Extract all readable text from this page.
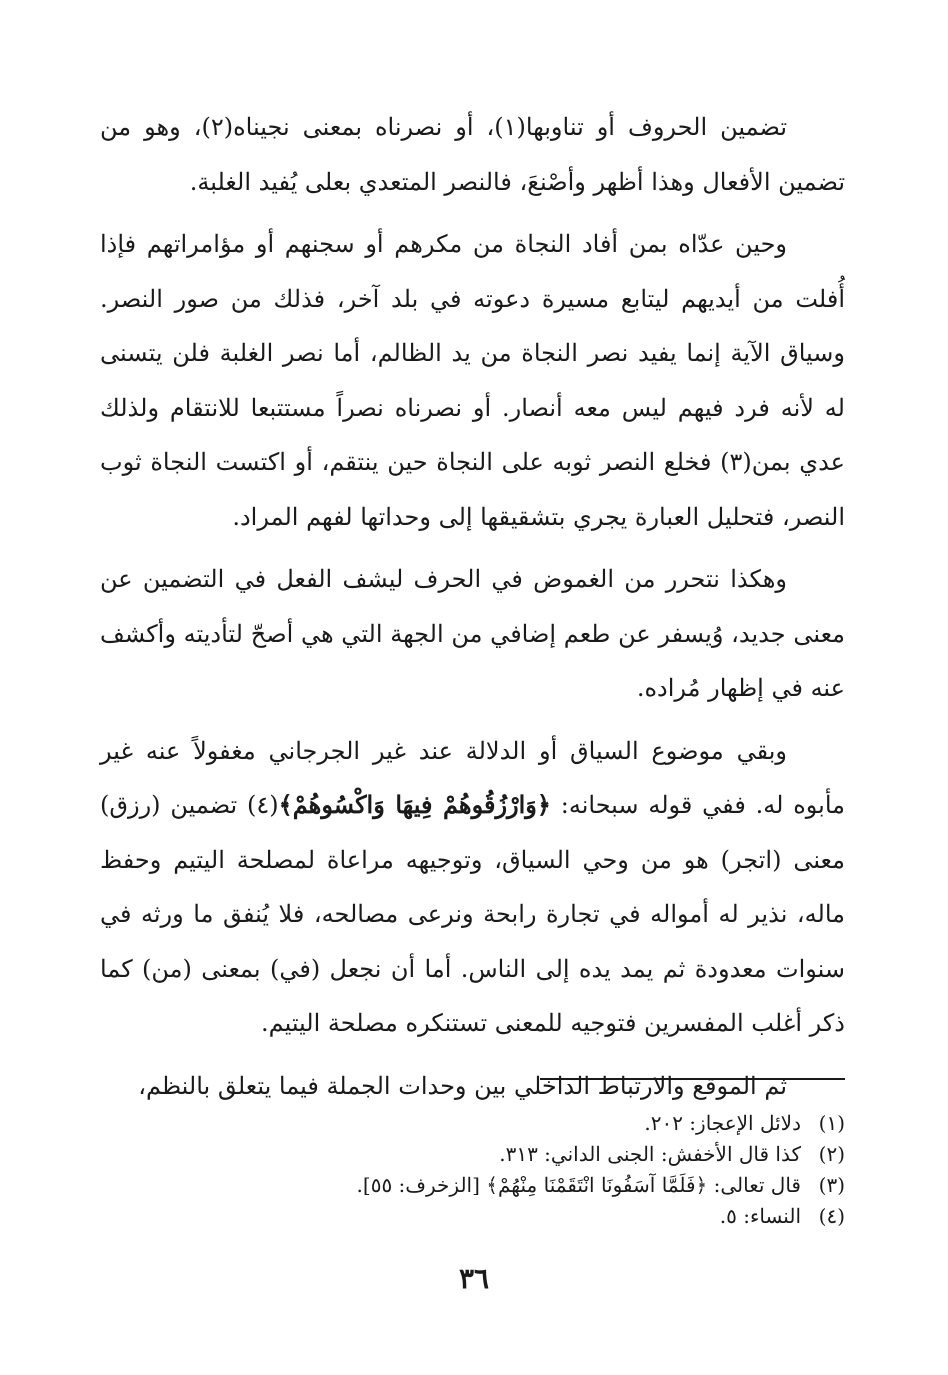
تضمين الحروف أو تناوبها(١)، أو نصرناه بمعنى نجيناه(٢)، وهو من تضمين الأفعال وهذا أظهر وأصْنعَ، فالنصر المتعدي بعلى يُفيد الغلبة.

وحين عدّاه بمن أفاد النجاة من مكرهم أو سجنهم أو مؤامراتهم فإذا أُفلت من أيديهم ليتابع مسيرة دعوته في بلد آخر، فذلك من صور النصر. وسياق الآية إنما يفيد نصر النجاة من يد الظالم، أما نصر الغلبة فلن يتسنى له لأنه فرد فيهم ليس معه أنصار. أو نصرناه نصراً مستتبعا للانتقام ولذلك عدي بمن(٣) فخلع النصر ثوبه على النجاة حين ينتقم، أو اكتست النجاة ثوب النصر، فتحليل العبارة يجري بتشقيقها إلى وحداتها لفهم المراد.

وهكذا نتحرر من الغموض في الحرف ليشف الفعل في التضمين عن معنى جديد، وُيسفر عن طعم إضافي من الجهة التي هي أصحّ لتأديته وأكشف عنه في إظهار مُراده.

وبقي موضوع السياق أو الدلالة عند غير الجرجاني مغفولاً عنه غير مأبوه له. ففي قوله سبحانه: ﴿وَارْزُقُوهُمْ فِيهَا وَاكْسُوهُمْ﴾(٤) تضمين (رزق) معنى (اتجر) هو من وحي السياق، وتوجيهه مراعاة لمصلحة اليتيم وحفظ ماله، نذير له أمواله في تجارة رابحة ونرعى مصالحه، فلا يُنفق ما ورثه في سنوات معدودة ثم يمد يده إلى الناس. أما أن نجعل (في) بمعنى (من) كما ذكر أغلب المفسرين فتوجيه للمعنى تستنكره مصلحة اليتيم.

ثم الموقع والارتباط الداخلي بين وحدات الجملة فيما يتعلق بالنظم،

(١)دلائل الإعجاز: ٢٠٢.
(٢)كذا قال الأخفش: الجنى الداني: ٣١٣.
(٣)قال تعالى: ﴿فَلَمَّا آسَفُونَا انْتَقَمْنَا مِنْهُمْ﴾ [الزخرف: ٥٥].
(٤)النساء: ٥.
٣٦
